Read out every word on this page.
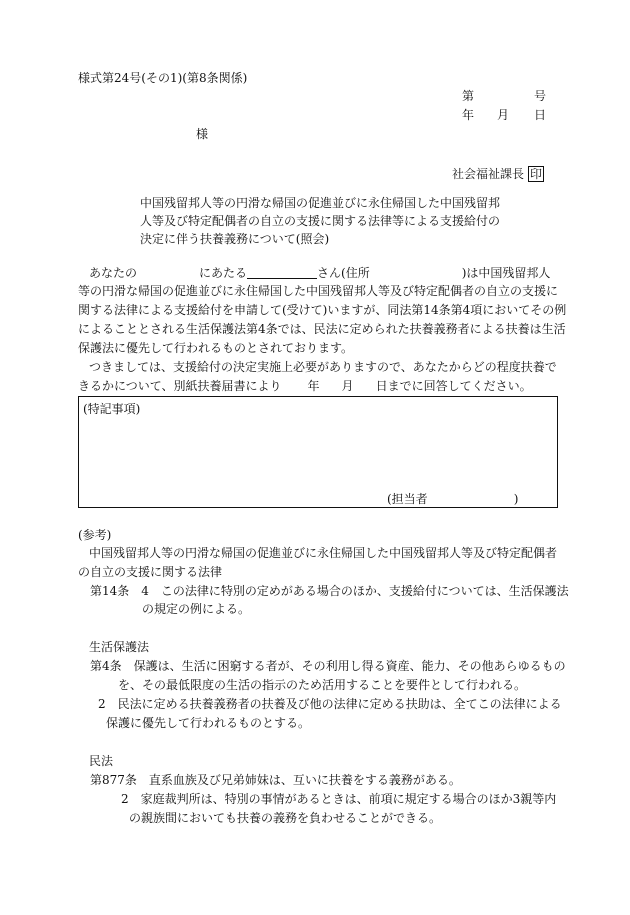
様式第24号(その1)(第8条関係)
第	号
年 月 日
様
社会福祉課長 印
中国残留邦人等の円滑な帰国の促進並びに永住帰国した中国残留邦
人等及び特定配偶者の自立の支援に関する法律等による支援給付の
決定に伴う扶養義務について(照会)
あなたの	にあたる	さん(住所	)は中国残留邦人
等の円滑な帰国の促進並びに永住帰国した中国残留邦人等及び特定配偶者の自立の支援に
関する法律による支援給付を申請して(受けて)いますが、同法第14条第4項においてその例
によることとされる生活保護法第4条では、民法に定められた扶養義務者による扶養は生活
保護法に優先して行われるものとされております。
つきましては、支援給付の決定実施上必要がありますので、あなたからどの程度扶養で
きるかについて、別紙扶養届書により 年 月 日までに回答してください。
(特記事項)
(担当者	)
(参考)
中国残留邦人等の円滑な帰国の促進並びに永住帰国した中国残留邦人等及び特定配偶者
の自立の支援に関する法律
第14条　4　この法律に特別の定めがある場合のほか、支援給付については、生活保護法
の規定の例による。
生活保護法
第4条　保護は、生活に困窮する者が、その利用し得る資産、能力、その他あらゆるもの
を、その最低限度の生活の指示のため活用することを要件として行われる。
2　民法に定める扶養義務者の扶養及び他の法律に定める扶助は、全てこの法律による
保護に優先して行われるものとする。
民法
第877条　直系血族及び兄弟姉妹は、互いに扶養をする義務がある。
2　家庭裁判所は、特別の事情があるときは、前項に規定する場合のほか3親等内
の親族間においても扶養の義務を負わせることができる。
